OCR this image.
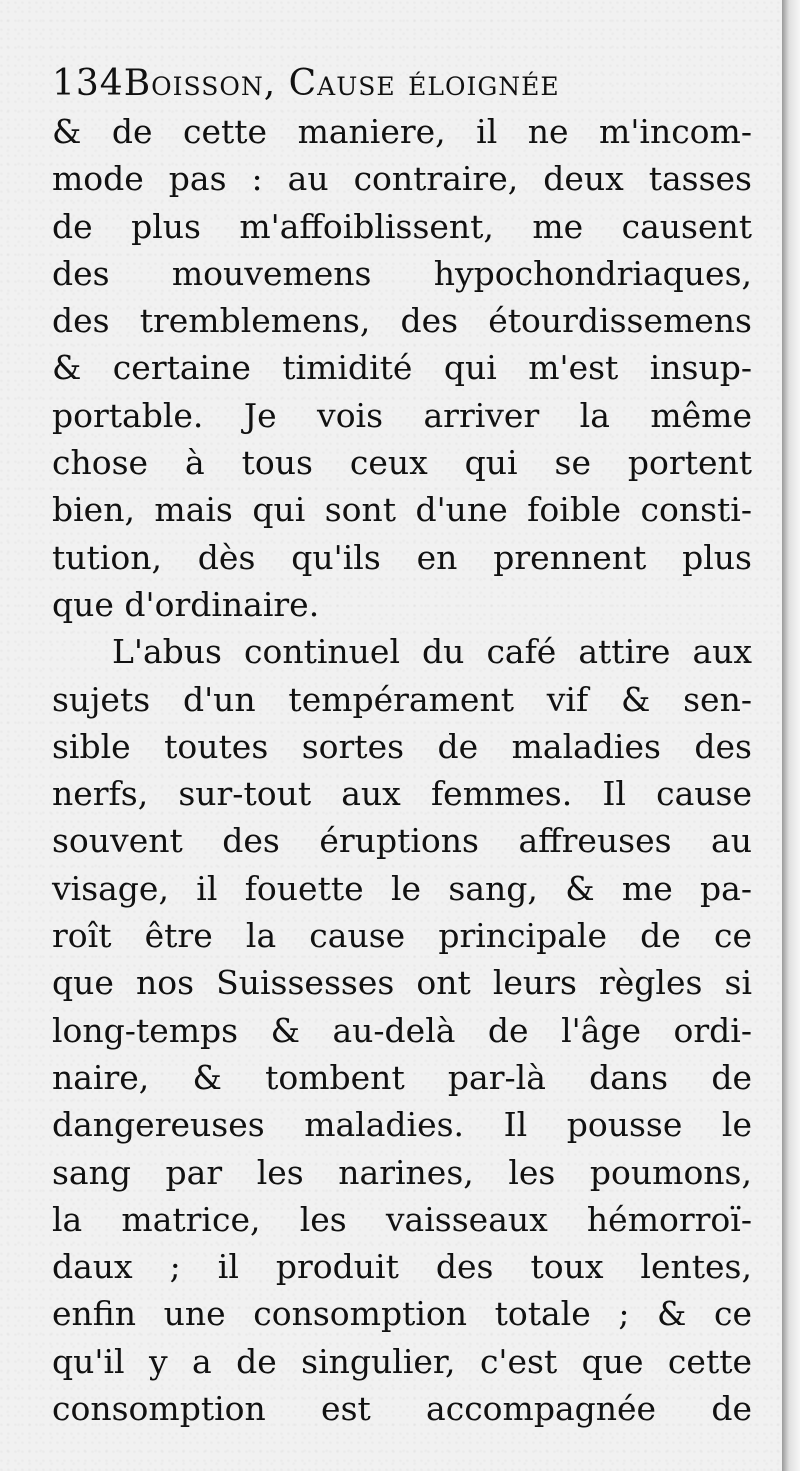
134Boisson, Cause éloignée
& de cette maniere, il ne m'incom-
mode pas : au contraire, deux tasses
de plus m'affoiblissent, me causent
des mouvemens hypochondriaques,
des tremblemens, des étourdissemens
& certaine timidité qui m'est insup-
portable. Je vois arriver la même
chose à tous ceux qui se portent
bien, mais qui sont d'une foible consti-
tution, dès qu'ils en prennent plus
que d'ordinaire.
L'abus continuel du café attire aux
sujets d'un tempérament vif & sen-
sible toutes sortes de maladies des
nerfs, sur-tout aux femmes. Il cause
souvent des éruptions affreuses au
visage, il fouette le sang, & me pa-
roît être la cause principale de ce
que nos Suissesses ont leurs règles si
long-temps & au-delà de l'âge ordi-
naire, & tombent par-là dans de
dangereuses maladies. Il pousse le
sang par les narines, les poumons,
la matrice, les vaisseaux hémorroï-
daux ; il produit des toux lentes,
enfin une consomption totale ; & ce
qu'il y a de singulier, c'est que cette
consomption est accompagnée de
